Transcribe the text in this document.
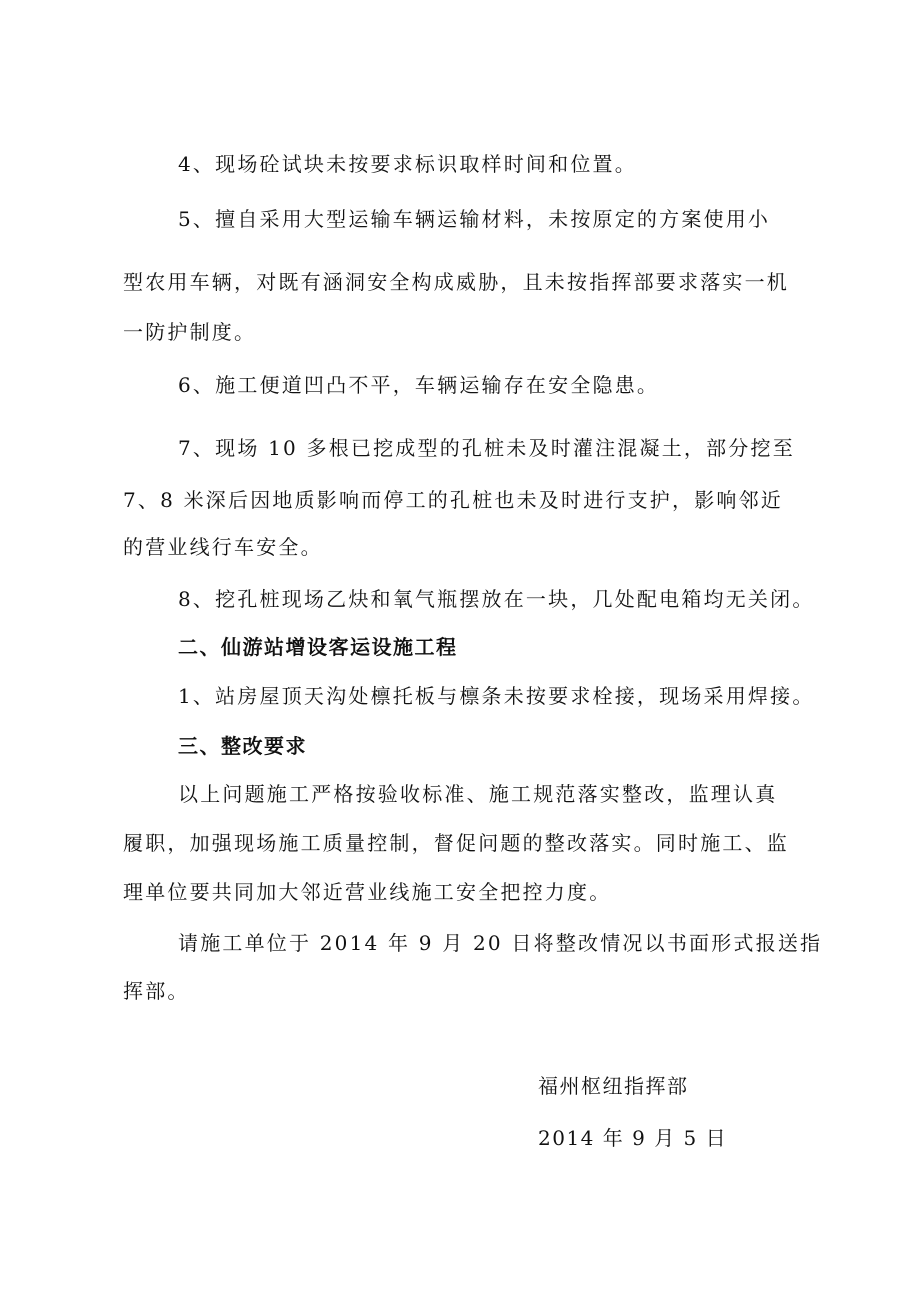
4、现场砼试块未按要求标识取样时间和位置。
5、擅自采用大型运输车辆运输材料，未按原定的方案使用小
型农用车辆，对既有涵洞安全构成威胁，且未按指挥部要求落实一机
一防护制度。
6、施工便道凹凸不平，车辆运输存在安全隐患。
7、现场 10 多根已挖成型的孔桩未及时灌注混凝土，部分挖至
7、8 米深后因地质影响而停工的孔桩也未及时进行支护，影响邻近
的营业线行车安全。
8、挖孔桩现场乙炔和氧气瓶摆放在一块，几处配电箱均无关闭。
二、仙游站增设客运设施工程
1、站房屋顶天沟处檩托板与檩条未按要求栓接，现场采用焊接。
三、整改要求
以上问题施工严格按验收标准、施工规范落实整改，监理认真
履职，加强现场施工质量控制，督促问题的整改落实。同时施工、监
理单位要共同加大邻近营业线施工安全把控力度。
请施工单位于 2014 年 9 月 20 日将整改情况以书面形式报送指
挥部。
福州枢纽指挥部
2014 年 9 月 5 日
